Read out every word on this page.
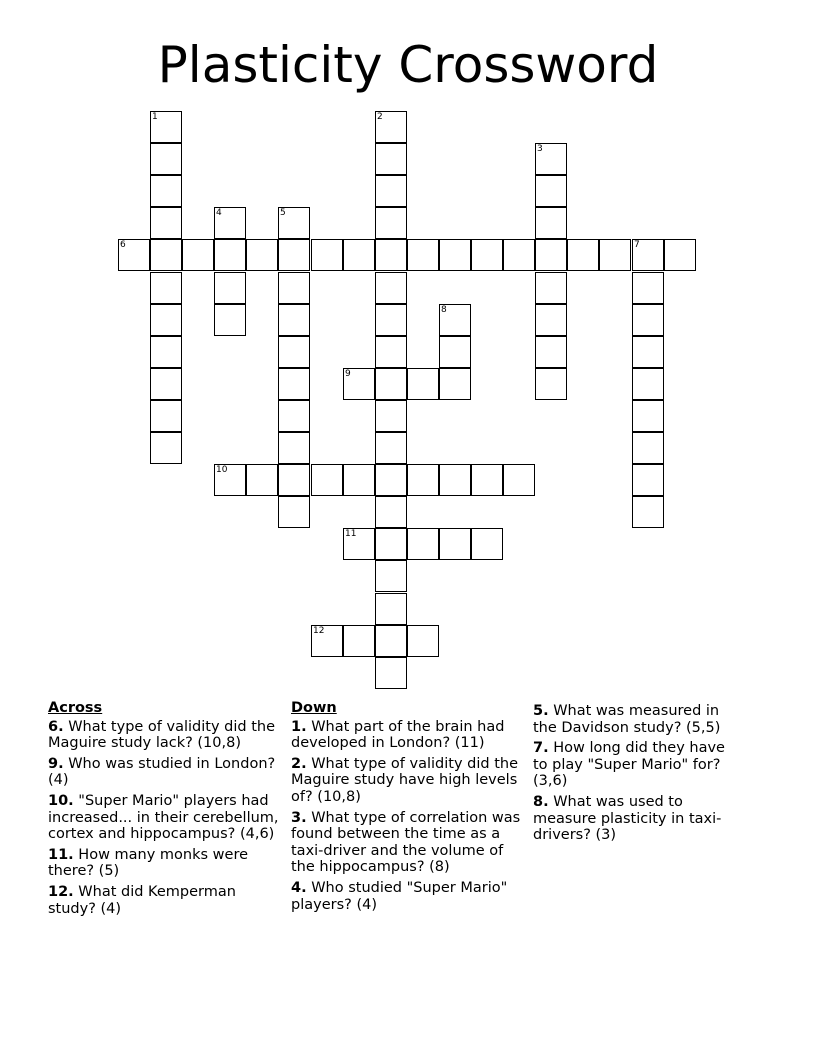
Plasticity Crossword
1	2
3
4	5
6	7
8
9
10
11
12
Across
6. What type of validity did the Maguire study lack? (10,8)
9. Who was studied in London? (4)
10. "Super Mario" players had increased... in their cerebellum, cortex and hippocampus? (4,6)
11. How many monks were there? (5)
12. What did Kemperman study? (4)
Down
1. What part of the brain had developed in London? (11)
2. What type of validity did the Maguire study have high levels of? (10,8)
3. What type of correlation was found between the time as a taxi-driver and the volume of the hippocampus? (8)
4. Who studied "Super Mario" players? (4)
5. What was measured in the Davidson study? (5,5)
7. How long did they have to play "Super Mario" for? (3,6)
8. What was used to measure plasticity in taxi-drivers? (3)
